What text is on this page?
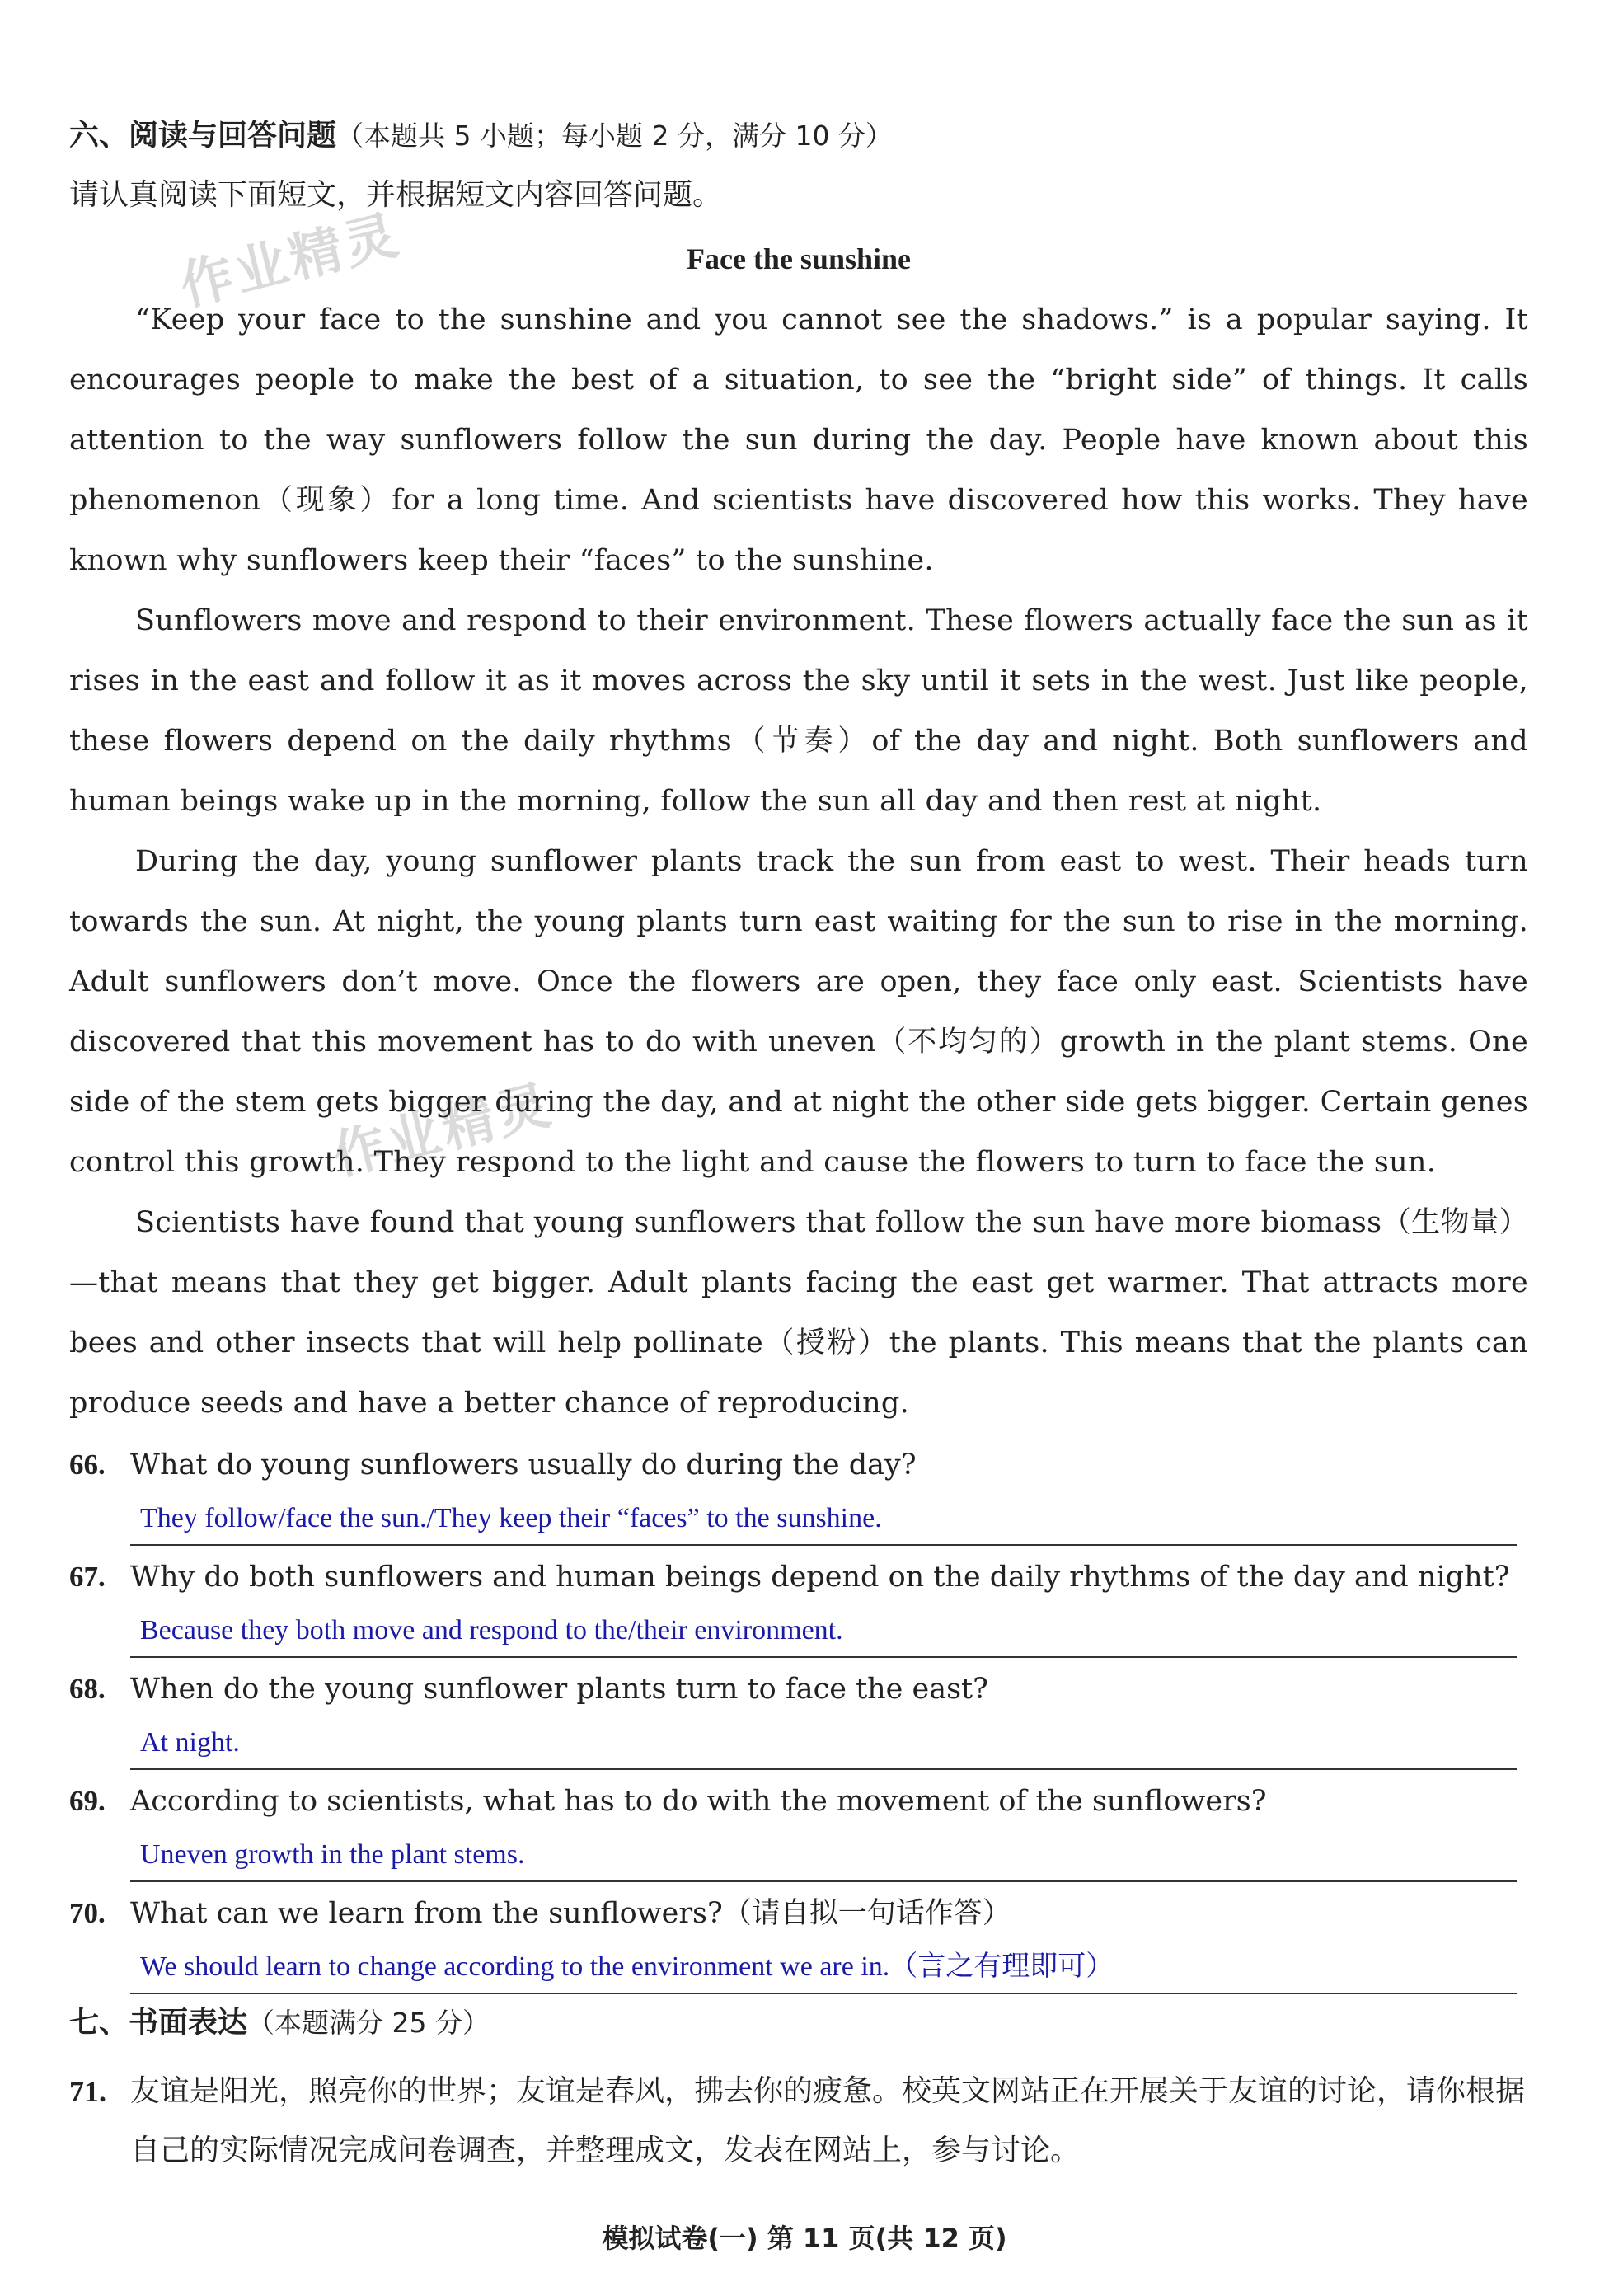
作业精灵
作业精灵
六、阅读与回答问题（本题共 5 小题；每小题 2 分，满分 10 分）
请认真阅读下面短文，并根据短文内容回答问题。
Face the sunshine

“Keep your face to the sunshine and you cannot see the shadows.” is a popular saying. It encourages people to make the best of a situation, to see the “bright side” of things. It calls attention to the way sunflowers follow the sun during the day. People have known about this phenomenon（现象）for a long time. And scientists have discovered how this works. They have known why sunflowers keep their “faces” to the sunshine.

Sunflowers move and respond to their environment. These flowers actually face the sun as it rises in the east and follow it as it moves across the sky until it sets in the west. Just like people, these flowers depend on the daily rhythms（节奏）of the day and night. Both sunflowers and human beings wake up in the morning, follow the sun all day and then rest at night.

During the day, young sunflower plants track the sun from east to west. Their heads turn towards the sun. At night, the young plants turn east waiting for the sun to rise in the morning. Adult sunflowers don’t move. Once the flowers are open, they face only east. Scientists have discovered that this movement has to do with uneven（不均匀的）growth in the plant stems. One side of the stem gets bigger during the day, and at night the other side gets bigger. Certain genes control this growth. They respond to the light and cause the flowers to turn to face the sun.

Scientists have found that young sunflowers that follow the sun have more biomass（生物量）—that means that they get bigger. Adult plants facing the east get warmer. That attracts more bees and other insects that will help pollinate（授粉）the plants. This means that the plants can produce seeds and have a better chance of reproducing.

66. What do young sunflowers usually do during the day?
They follow/face the sun./They keep their “faces” to the sunshine.
67. Why do both sunflowers and human beings depend on the daily rhythms of the day and night?
Because they both move and respond to the/their environment.
68. When do the young sunflower plants turn to face the east?
At night.
69. According to scientists, what has to do with the movement of the sunflowers?
Uneven growth in the plant stems.
70. What can we learn from the sunflowers?（请自拟一句话作答）
We should learn to change according to the environment we are in.（言之有理即可）
七、书面表达（本题满分 25 分）
71. 友谊是阳光，照亮你的世界；友谊是春风，拂去你的疲惫。校英文网站正在开展关于友谊的讨论，请你根据自己的实际情况完成问卷调查，并整理成文，发表在网站上，参与讨论。
模拟试卷(一) 第 11 页(共 12 页)
